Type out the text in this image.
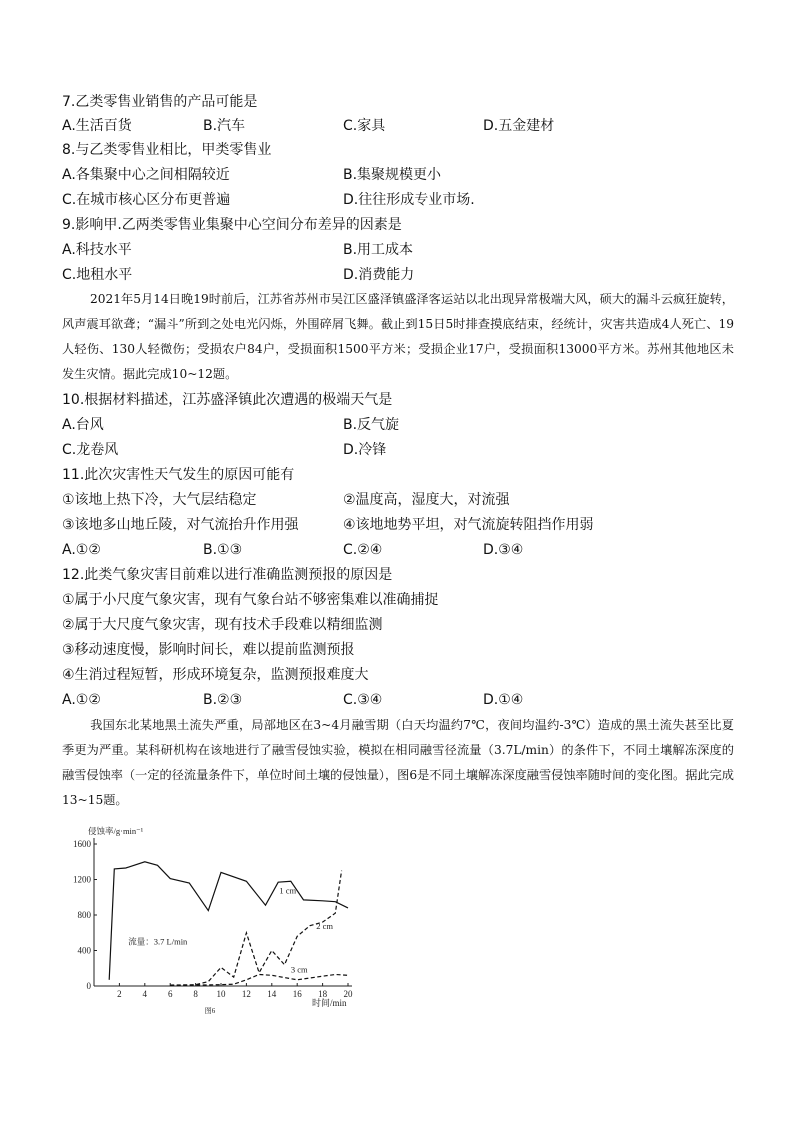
7.乙类零售业销售的产品可能是
A.生活百货	B.汽车	C.家具	D.五金建材
8.与乙类零售业相比，甲类零售业
A.各集聚中心之间相隔较近	B.集聚规模更小
C.在城市核心区分布更普遍	D.往往形成专业市场.
9.影响甲.乙两类零售业集聚中心空间分布差异的因素是
A.科技水平	B.用工成本
C.地租水平	D.消费能力
2021年5月14日晚19时前后，江苏省苏州市吴江区盛泽镇盛泽客运站以北出现异常极端大风，硕大的漏斗云疯狂旋转，风声震耳欲聋；“漏斗”所到之处电光闪烁，外围碎屑飞舞。截止到15日5时排查摸底结束，经统计，灾害共造成4人死亡、19人轻伤、130人轻微伤；受损农户84户，受损面积1500平方米；受损企业17户，受损面积13000平方米。苏州其他地区未发生灾情。据此完成10~12题。
10.根据材料描述，江苏盛泽镇此次遭遇的极端天气是
A.台风	B.反气旋
C.龙卷风	D.冷锋
11.此次灾害性天气发生的原因可能有
①该地上热下冷，大气层结稳定	②温度高，湿度大，对流强
③该地多山地丘陵，对气流抬升作用强	④该地地势平坦，对气流旋转阻挡作用弱
A.①②	B.①③	C.②④	D.③④
12.此类气象灾害目前难以进行准确监测预报的原因是
①属于小尺度气象灾害，现有气象台站不够密集难以准确捕捉
②属于大尺度气象灾害，现有技术手段难以精细监测
③移动速度慢，影响时间长，难以提前监测预报
④生消过程短暂，形成环境复杂，监测预报难度大
A.①②	B.②③	C.③④	D.①④
我国东北某地黑土流失严重，局部地区在3~4月融雪期（白天均温约7℃，夜间均温约-3℃）造成的黑土流失甚至比夏季更为严重。某科研机构在该地进行了融雪侵蚀实验，模拟在相同融雪径流量（3.7L/min）的条件下，不同土壤解冻深度的融雪侵蚀率（一定的径流量条件下，单位时间土壤的侵蚀量），图6是不同土壤解冻深度融雪侵蚀率随时间的变化图。据此完成13~15题。
0
400
800
1200
1600
2 4 6 8 10 12 14 16 18 20
侵蚀率/g·min⁻¹
时间/min
图6
流量：3.7 L/min
1 cm
2 cm
3 cm
